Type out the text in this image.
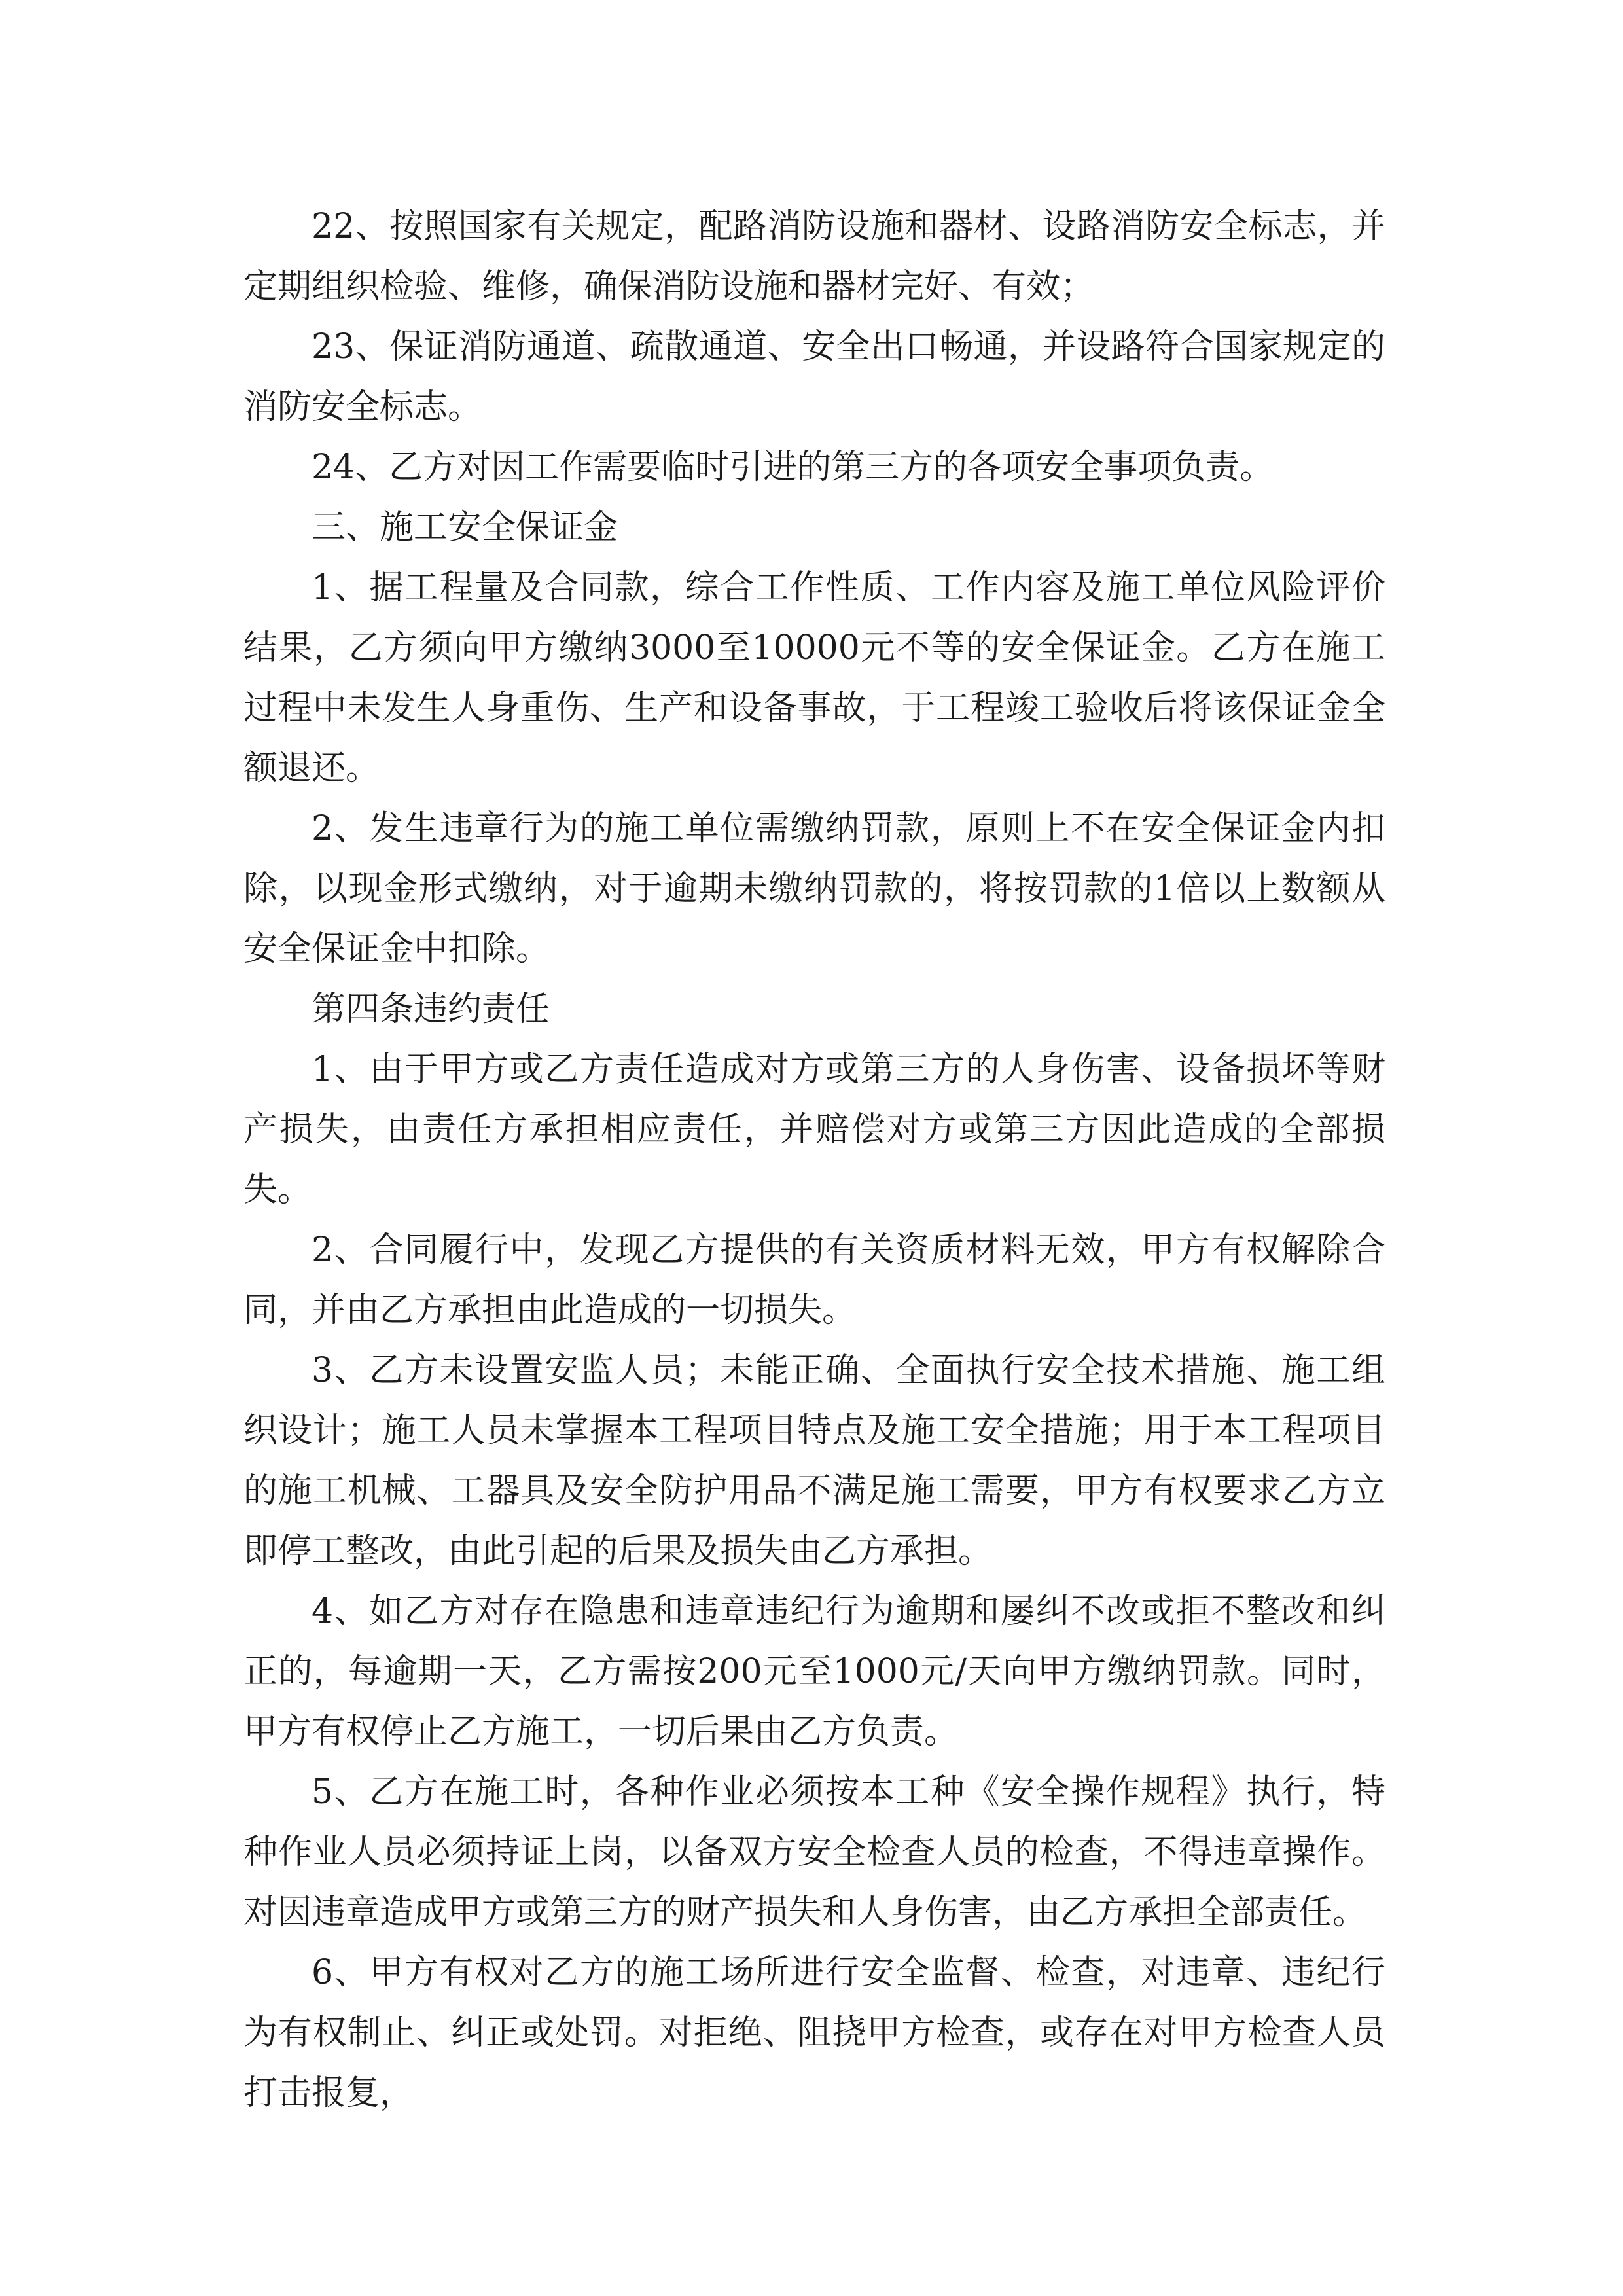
22、按照国家有关规定，配路消防设施和器材、设路消防安全标志，并定期组织检验、维修，确保消防设施和器材完好、有效；

23、保证消防通道、疏散通道、安全出口畅通，并设路符合国家规定的消防安全标志。

24、乙方对因工作需要临时引进的第三方的各项安全事项负责。

三、施工安全保证金

1、据工程量及合同款，综合工作性质、工作内容及施工单位风险评价结果，乙方须向甲方缴纳3000至10000元不等的安全保证金。乙方在施工过程中未发生人身重伤、生产和设备事故，于工程竣工验收后将该保证金全额退还。

2、发生违章行为的施工单位需缴纳罚款，原则上不在安全保证金内扣除，以现金形式缴纳，对于逾期未缴纳罚款的，将按罚款的1倍以上数额从安全保证金中扣除。

第四条违约责任

1、由于甲方或乙方责任造成对方或第三方的人身伤害、设备损坏等财产损失，由责任方承担相应责任，并赔偿对方或第三方因此造成的全部损失。

2、合同履行中，发现乙方提供的有关资质材料无效，甲方有权解除合同，并由乙方承担由此造成的一切损失。

3、乙方未设置安监人员；未能正确、全面执行安全技术措施、施工组织设计；施工人员未掌握本工程项目特点及施工安全措施；用于本工程项目的施工机械、工器具及安全防护用品不满足施工需要，甲方有权要求乙方立即停工整改，由此引起的后果及损失由乙方承担。

4、如乙方对存在隐患和违章违纪行为逾期和屡纠不改或拒不整改和纠正的，每逾期一天，乙方需按200元至1000元/天向甲方缴纳罚款。同时，甲方有权停止乙方施工，一切后果由乙方负责。

5、乙方在施工时，各种作业必须按本工种《安全操作规程》执行，特种作业人员必须持证上岗，以备双方安全检查人员的检查，不得违章操作。对因违章造成甲方或第三方的财产损失和人身伤害，由乙方承担全部责任。

6、甲方有权对乙方的施工场所进行安全监督、检查，对违章、违纪行为有权制止、纠正或处罚。对拒绝、阻挠甲方检查，或存在对甲方检查人员打击报复，
